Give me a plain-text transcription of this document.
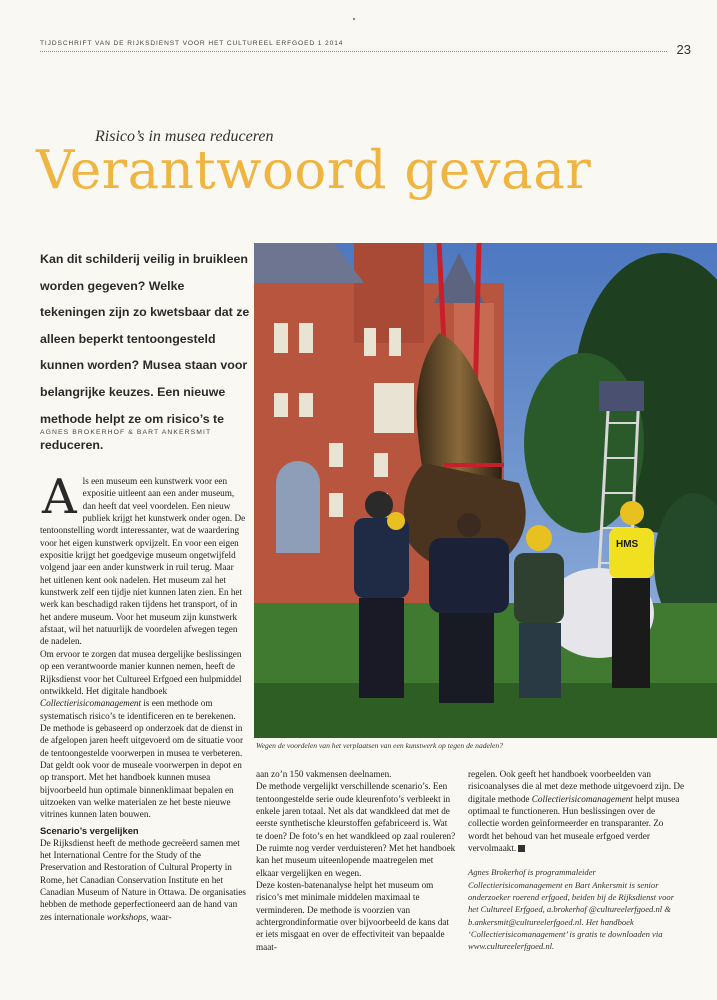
TIJDSCHRIFT VAN DE RIJKSDIENST VOOR HET CULTUREEL ERFGOED 1 2014	23
Risico’s in musea reduceren
Verantwoord gevaar
Kan dit schilderij veilig in bruikleen worden gegeven? Welke tekeningen zijn zo kwetsbaar dat ze alleen beperkt tentoongesteld kunnen worden? Musea staan voor belangrijke keuzes. Een nieuwe methode helpt ze om risico’s te reduceren.
AGNES BROKERHOF & BART ANKERSMIT
HMS
Wegen de voordelen van het verplaatsen van een kunstwerk op tegen de nadelen?

Als een museum een kunstwerk voor een expositie uitleent aan een ander museum, dan heeft dat veel voordelen. Een nieuw publiek krijgt het kunstwerk onder ogen. De tentoonstelling wordt interessanter, wat de waardering voor het eigen kunstwerk opvijzelt. En voor een eigen expositie krijgt het goedgevige museum ongetwijfeld volgend jaar een ander kunstwerk in ruil terug. Maar het uitlenen kent ook nadelen. Het museum zal het kunstwerk zelf een tijdje niet kunnen laten zien. En het werk kan beschadigd raken tijdens het transport, of in het andere museum. Voor het museum zijn kunstwerk afstaat, wil het natuurlijk de voordelen afwegen tegen de nadelen.

Om ervoor te zorgen dat musea dergelijke beslissingen op een verantwoorde manier kunnen nemen, heeft de Rijksdienst voor het Cultureel Erfgoed een hulpmiddel ontwikkeld. Het digitale handboek Collectierisicomanagement is een methode om systematisch risico’s te identificeren en te berekenen. De methode is gebaseerd op onderzoek dat de dienst in de afgelopen jaren heeft uitgevoerd om de situatie voor de tentoongestelde voorwerpen in musea te verbeteren. Dat geldt ook voor de museale voorwerpen in depot en op transport. Met het handboek kunnen musea bijvoorbeeld hun optimale binnenklimaat bepalen en uitzoeken van welke materialen ze het beste nieuwe vitrines kunnen laten bouwen.

Scenario’s vergelijken

De Rijksdienst heeft de methode gecreëerd samen met het International Centre for the Study of the Preservation and Restoration of Cultural Property in Rome, het Canadian Conservation Institute en het Canadian Museum of Nature in Ottawa. De organisaties hebben de methode geperfectioneerd aan de hand van zes internationale workshops, waar-

aan zo’n 150 vakmensen deelnamen.

De methode vergelijkt verschillende scenario’s. Een tentoongestelde serie oude kleurenfoto’s verbleekt in enkele jaren totaal. Net als dat wandkleed dat met de eerste synthetische kleurstoffen gefabriceerd is. Wat te doen? De foto’s en het wandkleed op zaal rouleren? De ruimte nog verder verduisteren? Met het handboek kan het museum uiteenlopende maatregelen met elkaar vergelijken en wegen.

Deze kosten-batenanalyse helpt het museum om risico’s met minimale middelen maximaal te verminderen. De methode is voorzien van achtergrondinformatie over bijvoorbeeld de kans dat er iets misgaat en over de effectiviteit van bepaalde maat-

regelen. Ook geeft het handboek voorbeelden van risicoanalyses die al met deze methode uitgevoerd zijn. De digitale methode Collectierisicomanagement helpt musea optimaal te functioneren. Hun beslissingen over de collectie worden geïnformeerder en transparanter. Zo wordt het behoud van het museale erfgoed verder vervolmaakt.

Agnes Brokerhof is programmaleider Collectierisicomanagement en Bart Ankersmit is senior onderzoeker roerend erfgoed, beiden bij de Rijksdienst voor het Cultureel Erfgoed, a.brokerhof @cultureelerfgoed.nl & b.ankersmit@cultureelerfgoed.nl. Het handboek ‘Collectierisicomanagement’ is gratis te downloaden via www.cultureelerfgoed.nl.
